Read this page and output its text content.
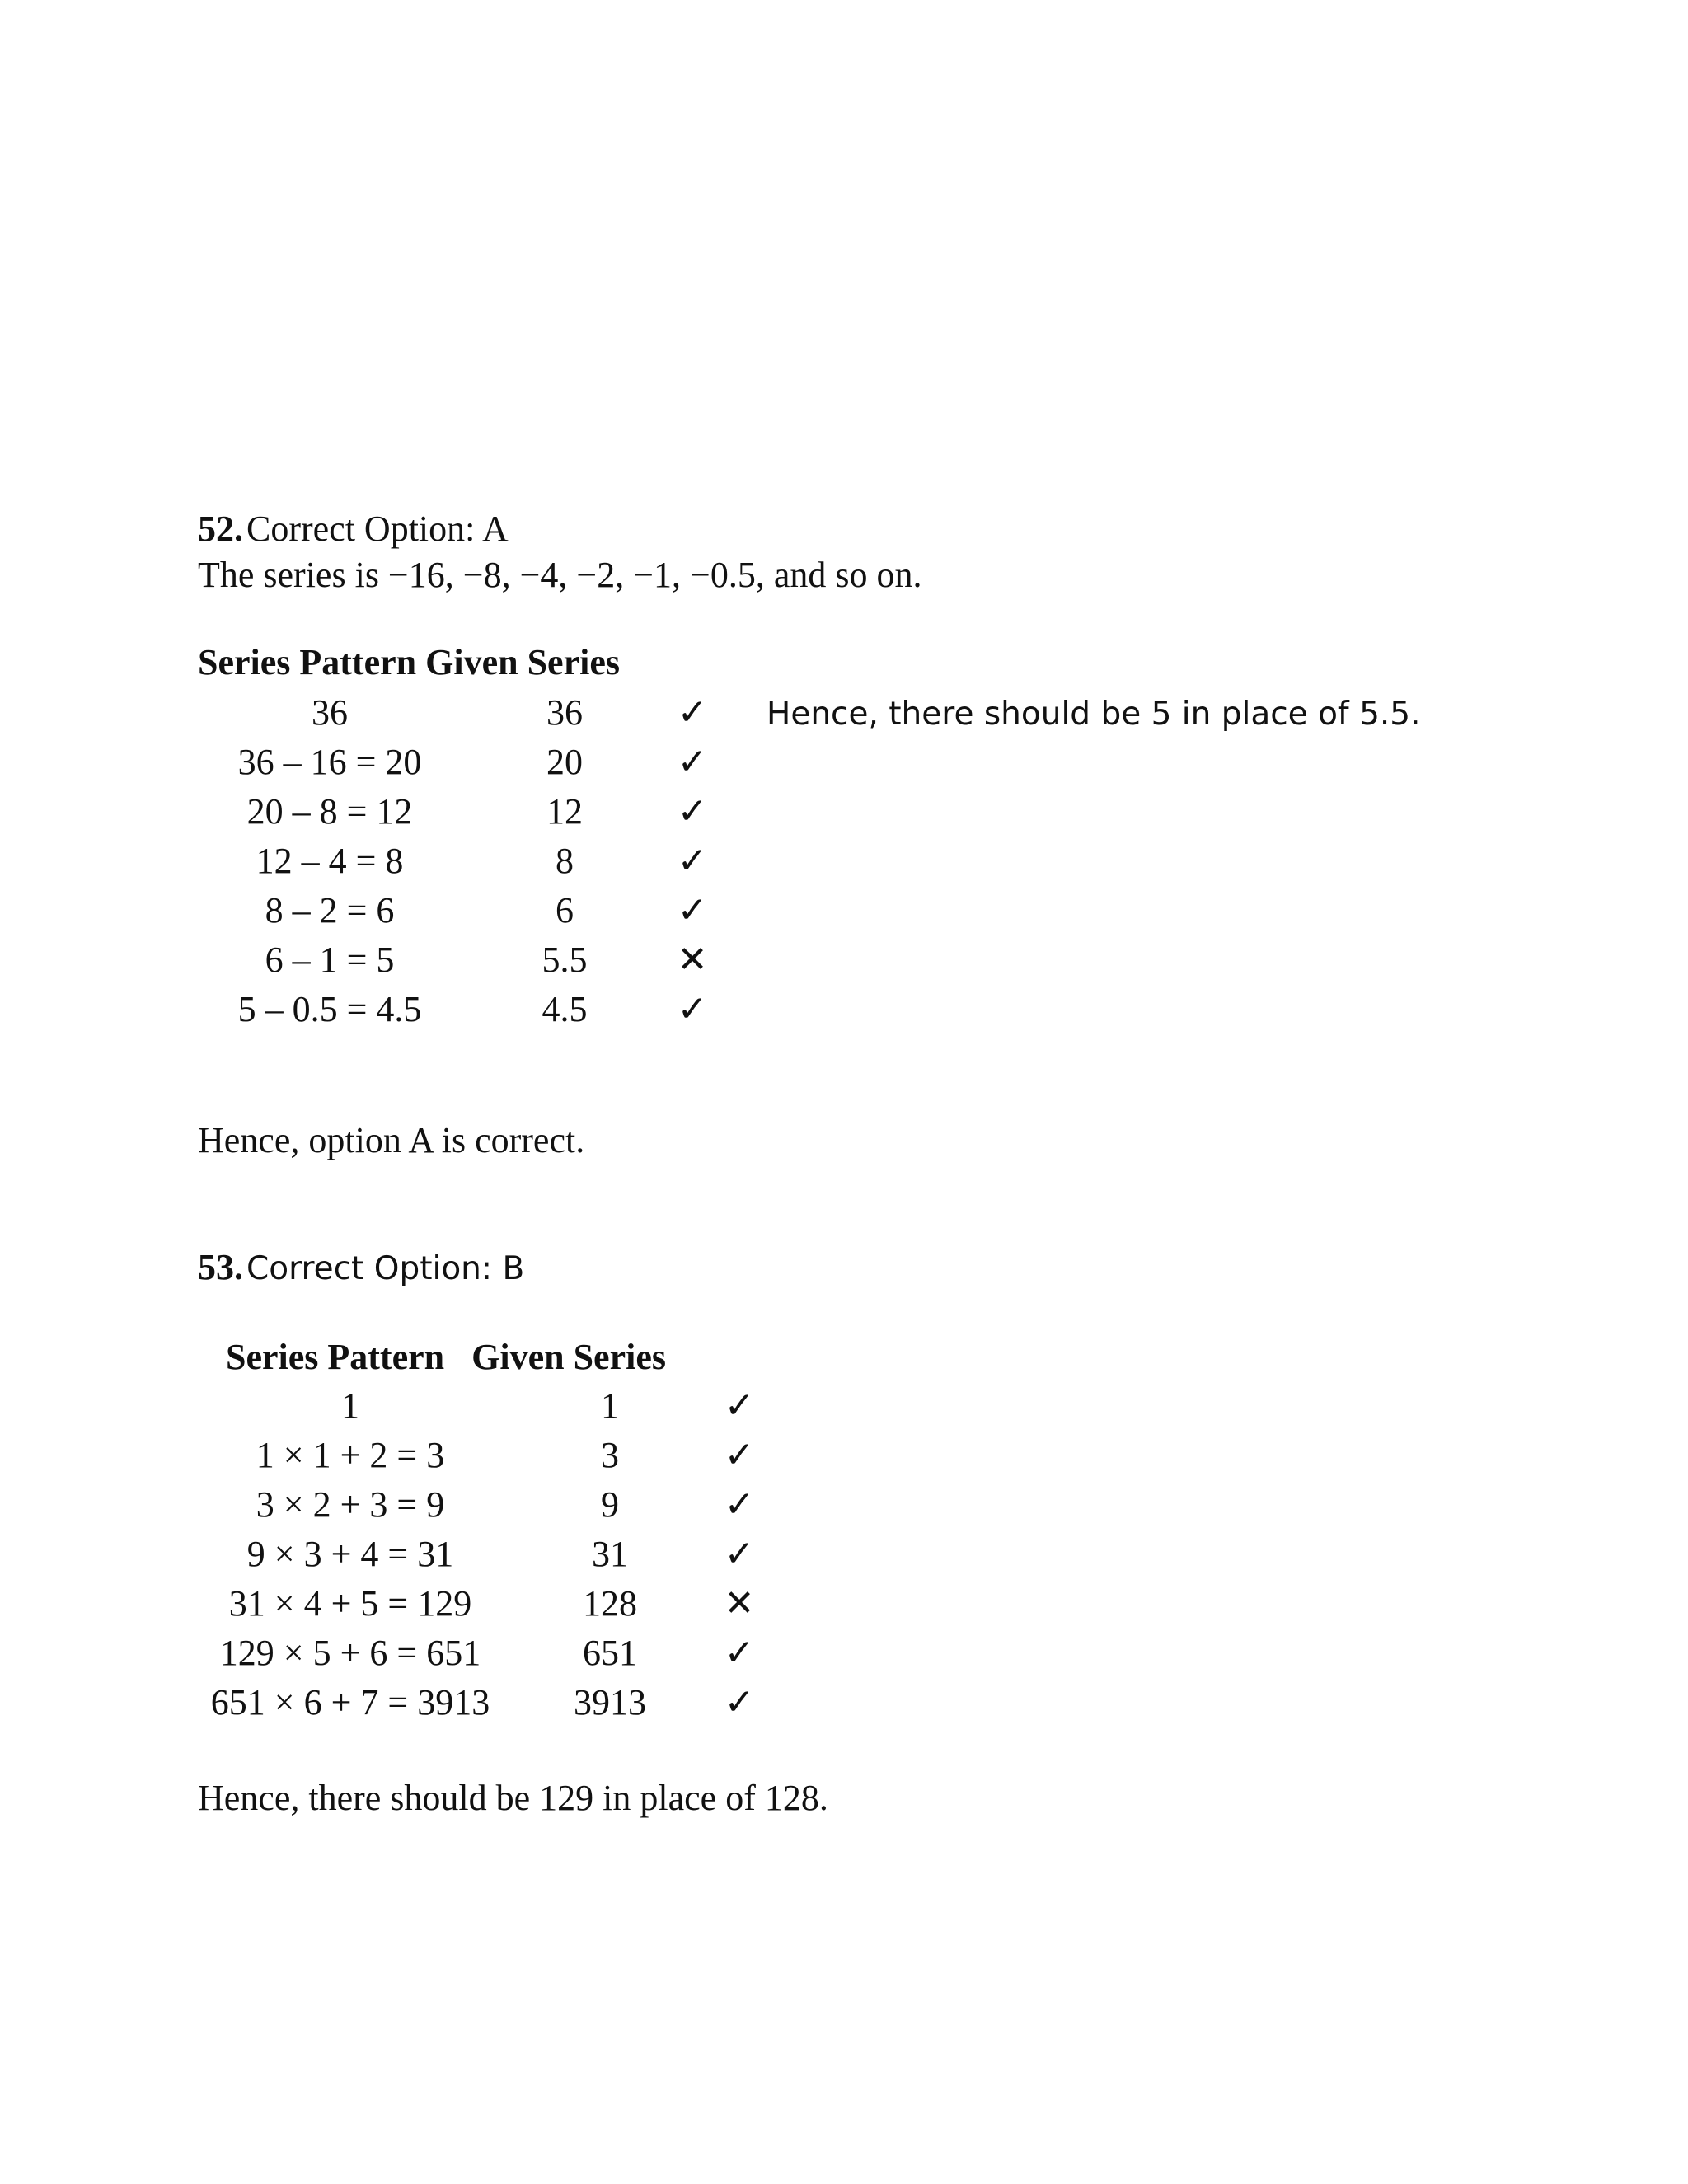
52. Correct Option: A
The series is −16, −8, −4, −2, −1, −0.5, and so on.
Series Pattern Given Series
36	36	✓
36 – 16 = 20	20	✓
20 – 8 = 12	12	✓
12 – 4 = 8	8	✓
8 – 2 = 6	6	✓
6 – 1 = 5	5.5	✕
5 – 0.5 = 4.5	4.5	✓
Hence, there should be 5 in place of 5.5.
Hence, option A is correct.
53. Correct Option: B
Series Pattern Given Series
1	1	✓
1 × 1 + 2 = 3	3	✓
3 × 2 + 3 = 9	9	✓
9 × 3 + 4 = 31	31	✓
31 × 4 + 5 = 129	128	✕
129 × 5 + 6 = 651	651	✓
651 × 6 + 7 = 3913	3913	✓
Hence, there should be 129 in place of 128.
